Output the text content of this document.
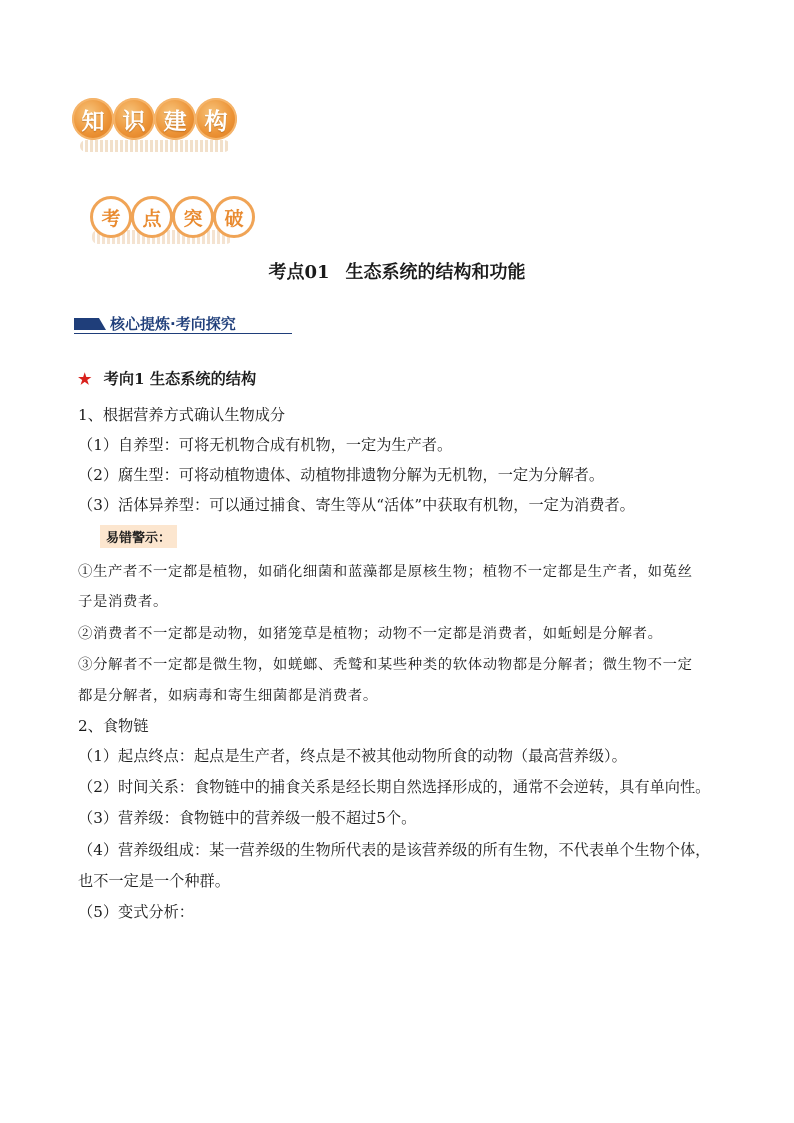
知 识 建 构
考	点	突	破
考点01 生态系统的结构和功能
核心提炼·考向探究
★ 考向1 生态系统的结构
1、根据营养方式确认生物成分
（1）自养型：可将无机物合成有机物，一定为生产者。
（2）腐生型：可将动植物遗体、动植物排遗物分解为无机物，一定为分解者。
（3）活体异养型：可以通过捕食、寄生等从“活体”中获取有机物，一定为消费者。
易错警示：
①生产者不一定都是植物，如硝化细菌和蓝藻都是原核生物；植物不一定都是生产者，如菟丝
子是消费者。
②消费者不一定都是动物，如猪笼草是植物；动物不一定都是消费者，如蚯蚓是分解者。
③分解者不一定都是微生物，如蜣螂、秃鹫和某些种类的软体动物都是分解者；微生物不一定
都是分解者，如病毒和寄生细菌都是消费者。
2、食物链
（1）起点终点：起点是生产者，终点是不被其他动物所食的动物（最高营养级）。
（2）时间关系：食物链中的捕食关系是经长期自然选择形成的，通常不会逆转，具有单向性。
（3）营养级：食物链中的营养级一般不超过5个。
（4）营养级组成：某一营养级的生物所代表的是该营养级的所有生物，不代表单个生物个体，
也不一定是一个种群。
（5）变式分析：
